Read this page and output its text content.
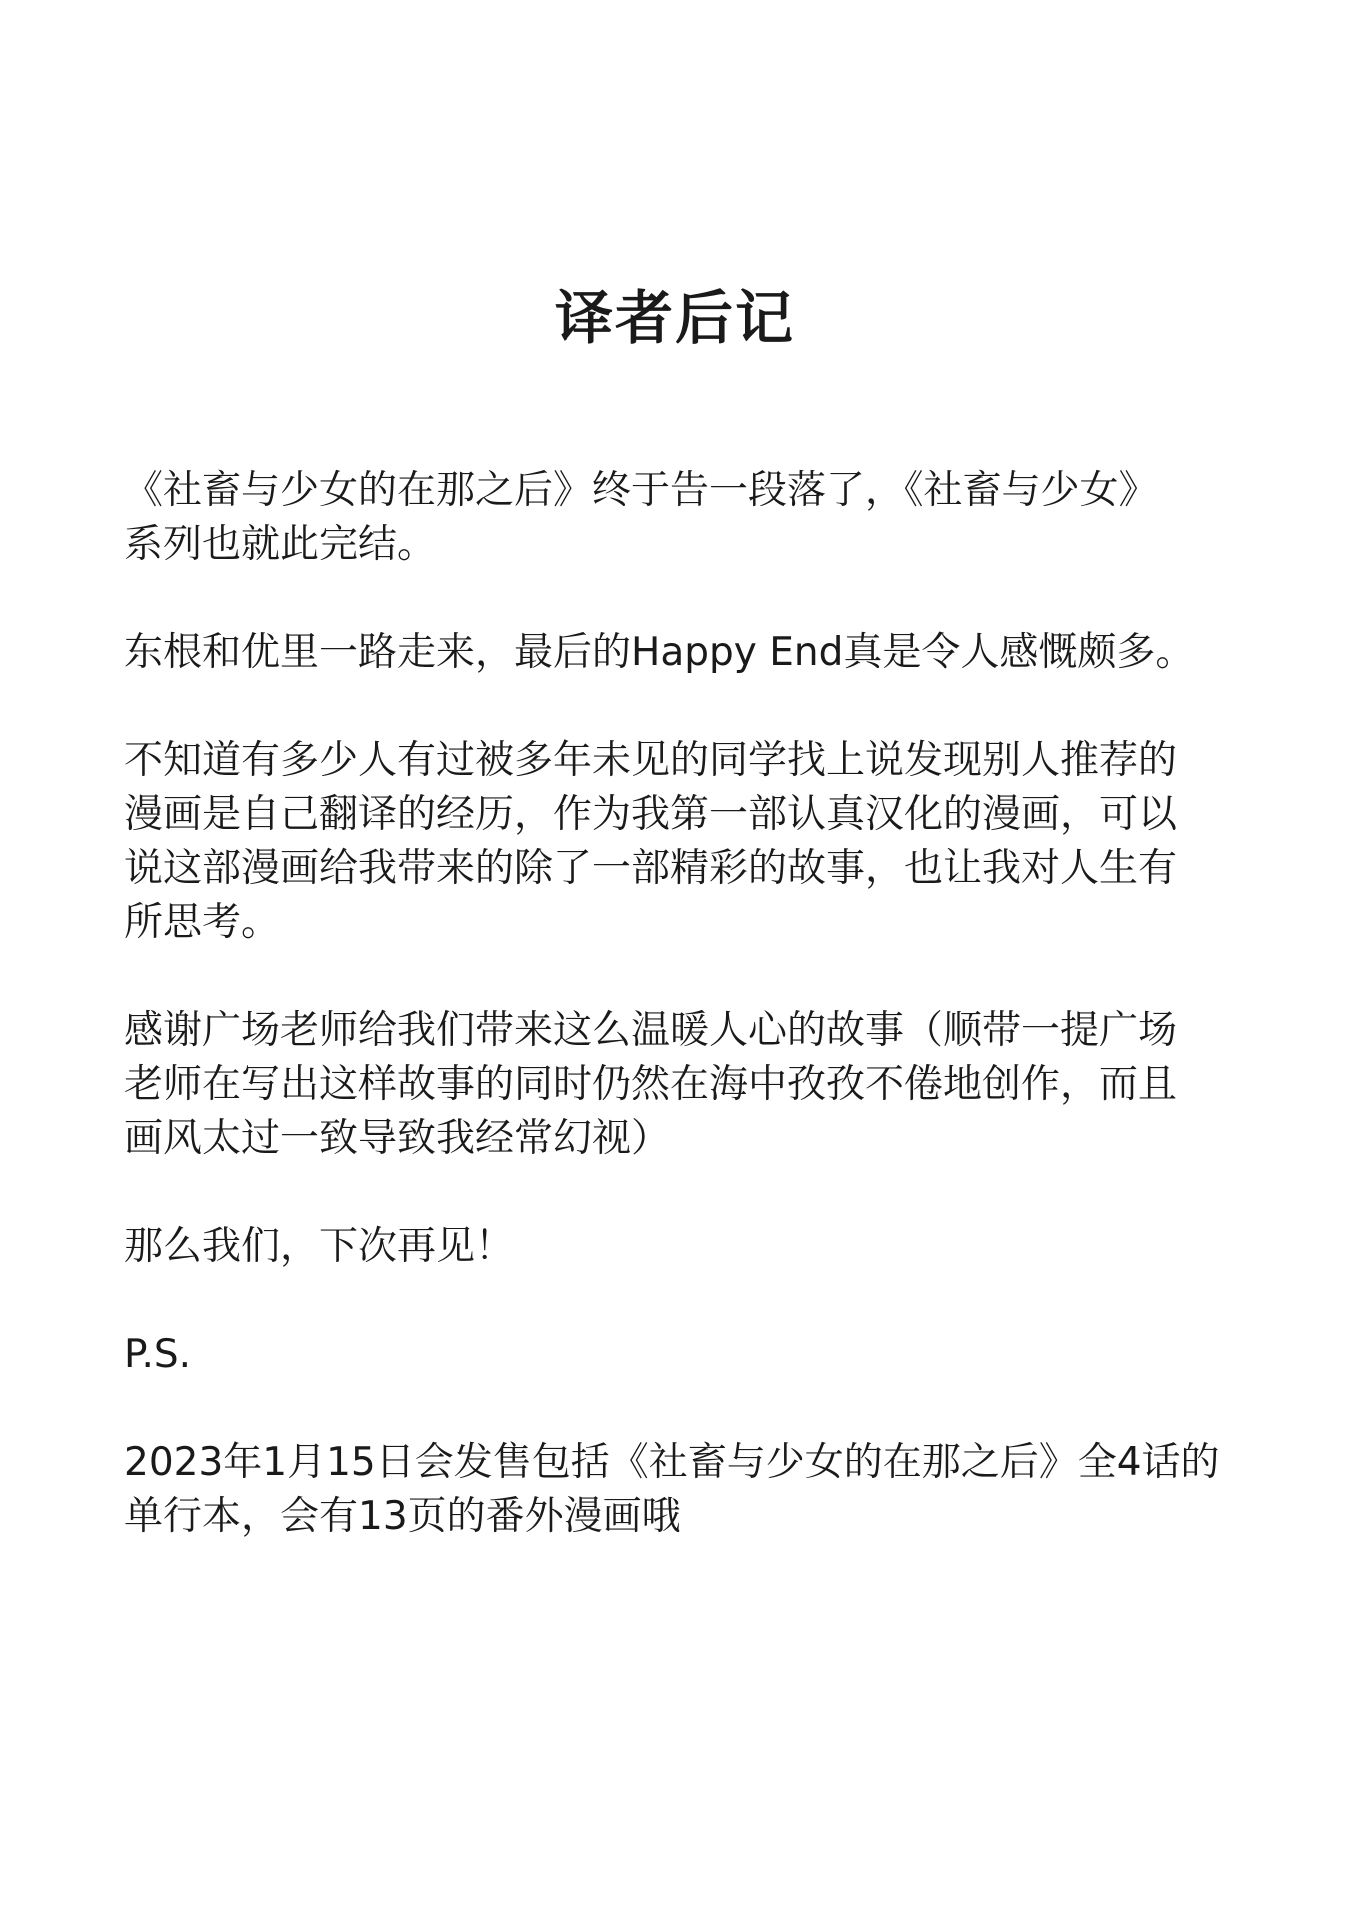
译者后记

《社畜与少女的在那之后》终于告一段落了，《社畜与少女》
系列也就此完结。

东根和优里一路走来，最后的Happy End真是令人感慨颇多。

不知道有多少人有过被多年未见的同学找上说发现别人推荐的
漫画是自己翻译的经历，作为我第一部认真汉化的漫画，可以
说这部漫画给我带来的除了一部精彩的故事，也让我对人生有
所思考。

感谢广场老师给我们带来这么温暖人心的故事（顺带一提广场
老师在写出这样故事的同时仍然在海中孜孜不倦地创作，而且
画风太过一致导致我经常幻视）

那么我们，下次再见！

P.S.

2023年1月15日会发售包括《社畜与少女的在那之后》全4话的
单行本，会有13页的番外漫画哦
